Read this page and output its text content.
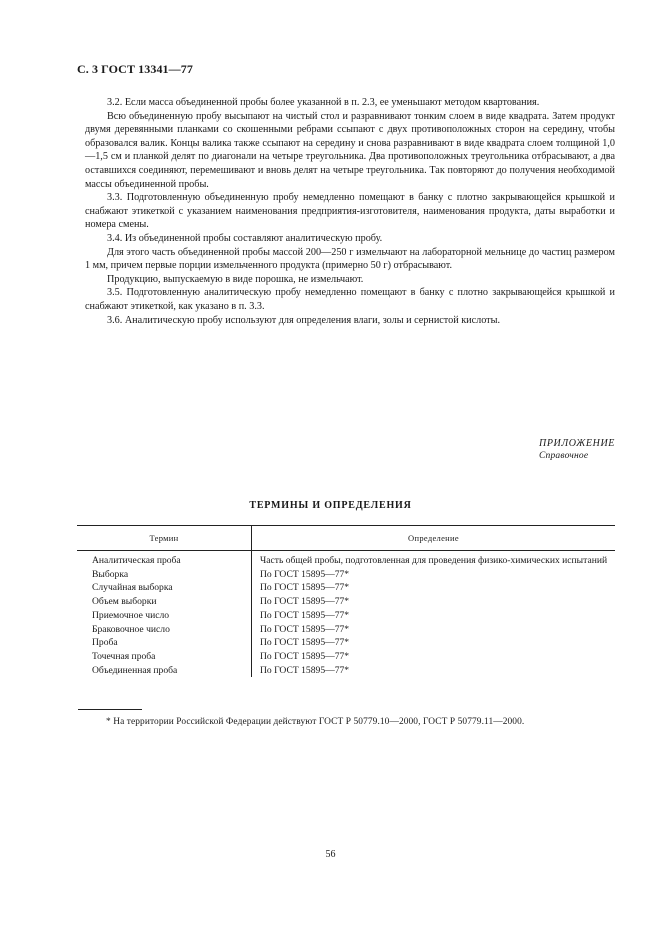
С. 3 ГОСТ 13341—77

3.2. Если масса объединенной пробы более указанной в п. 2.3, ее уменьшают методом квартования.

Всю объединенную пробу высыпают на чистый стол и разравнивают тонким слоем в виде квадрата. Затем продукт двумя деревянными планками со скошенными ребрами ссыпают с двух противоположных сторон на середину, чтобы образовался валик. Концы валика также ссыпают на середину и снова разравнивают в виде квадрата слоем толщиной 1,0—1,5 см и планкой делят по диагонали на четыре треугольника. Два противоположных треугольника отбрасывают, а два оставшихся соединяют, перемешивают и вновь делят на четыре треугольника. Так повторяют до получения необходимой массы объединенной пробы.

3.3. Подготовленную объединенную пробу немедленно помещают в банку с плотно закрывающейся крышкой и снабжают этикеткой с указанием наименования предприятия-изготовителя, наименования продукта, даты выработки и номера смены.

3.4. Из объединенной пробы составляют аналитическую пробу.

Для этого часть объединенной пробы массой 200—250 г измельчают на лабораторной мельнице до частиц размером 1 мм, причем первые порции измельченного продукта (примерно 50 г) отбрасывают.

Продукцию, выпускаемую в виде порошка, не измельчают.

3.5. Подготовленную аналитическую пробу немедленно помещают в банку с плотно закрывающейся крышкой и снабжают этикеткой, как указано в п. 3.3.

3.6. Аналитическую пробу используют для определения влаги, золы и сернистой кислоты.

ПРИЛОЖЕНИЕ
Справочное
ТЕРМИНЫ И ОПРЕДЕЛЕНИЯ
Термин	Определение
Аналитическая проба	Часть общей пробы, подготовленная для проведения физико-химических испытаний
Выборка	По ГОСТ 15895—77*
Случайная выборка	По ГОСТ 15895—77*
Объем выборки	По ГОСТ 15895—77*
Приемочное число	По ГОСТ 15895—77*
Браковочное число	По ГОСТ 15895—77*
Проба	По ГОСТ 15895—77*
Точечная проба	По ГОСТ 15895—77*
Объединенная проба	По ГОСТ 15895—77*
* На территории Российской Федерации действуют ГОСТ Р 50779.10—2000, ГОСТ Р 50779.11—2000.
56
